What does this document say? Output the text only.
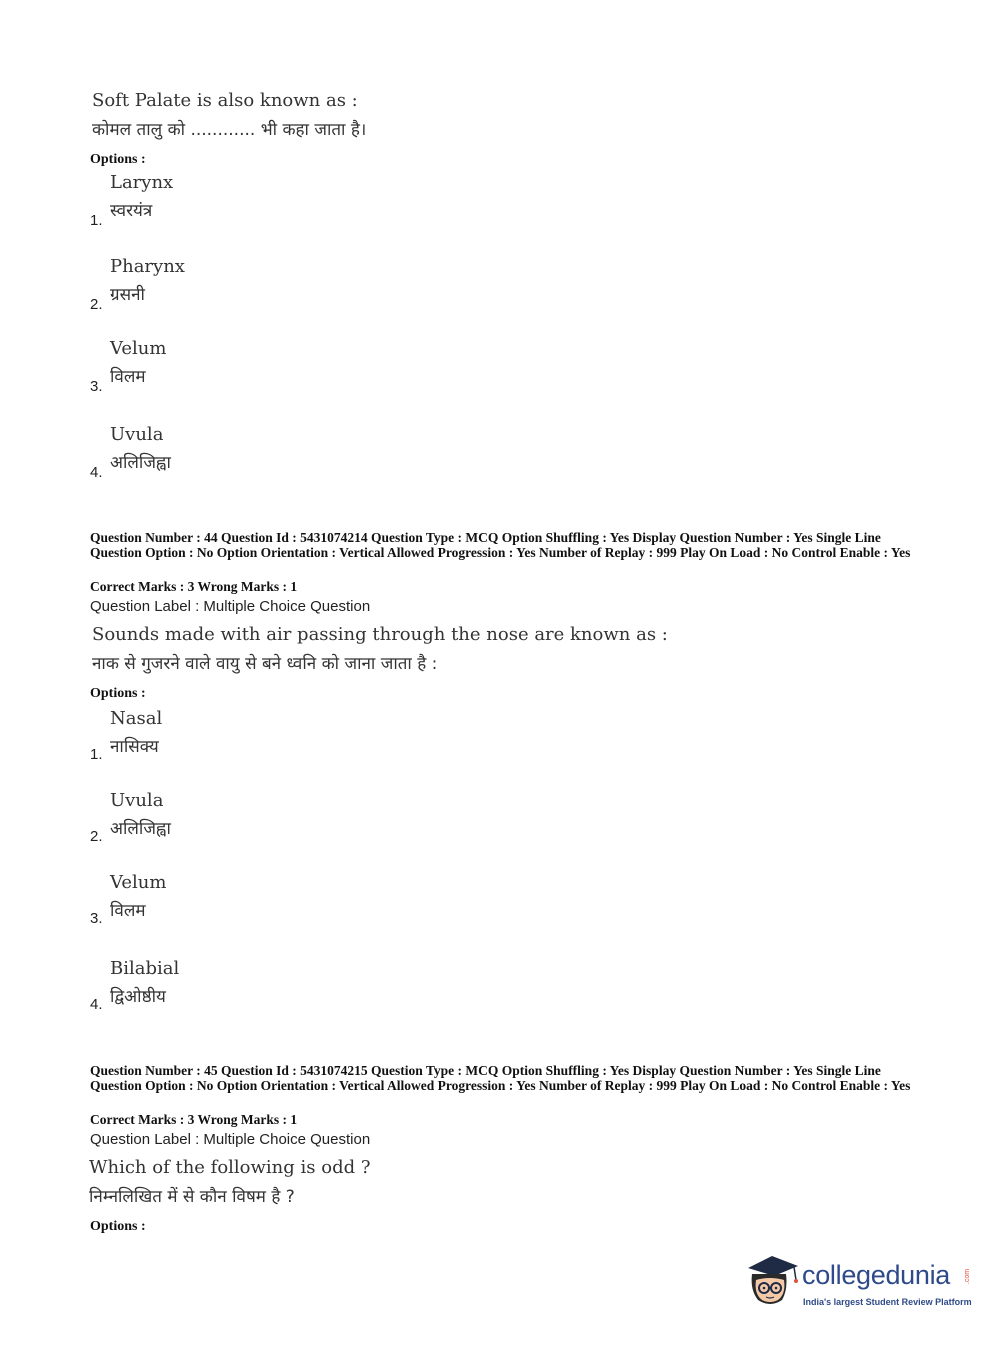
Soft Palate is also known as :
कोमल तालु को ............ भी कहा जाता है।
Options :
Larynx
स्वरयंत्र
1.
Pharynx
ग्रसनी
2.
Velum
विलम
3.
Uvula
अलिजिह्वा
4.
Question Number : 44 Question Id : 5431074214 Question Type : MCQ Option Shuffling : Yes Display Question Number : Yes Single Line Question Option : No Option Orientation : Vertical Allowed Progression : Yes Number of Replay : 999 Play On Load : No Control Enable : Yes
Correct Marks : 3 Wrong Marks : 1
Question Label : Multiple Choice Question
Sounds made with air passing through the nose are known as :
नाक से गुजरने वाले वायु से बने ध्वनि को जाना जाता है :
Options :
Nasal
नासिक्य
1.
Uvula
अलिजिह्वा
2.
Velum
विलम
3.
Bilabial
द्विओष्ठीय
4.
Question Number : 45 Question Id : 5431074215 Question Type : MCQ Option Shuffling : Yes Display Question Number : Yes Single Line Question Option : No Option Orientation : Vertical Allowed Progression : Yes Number of Replay : 999 Play On Load : No Control Enable : Yes
Correct Marks : 3 Wrong Marks : 1
Question Label : Multiple Choice Question
Which of the following is odd ?
निम्नलिखित में से कौन विषम है ?
Options :
collegedunia .com
India's largest Student Review Platform
